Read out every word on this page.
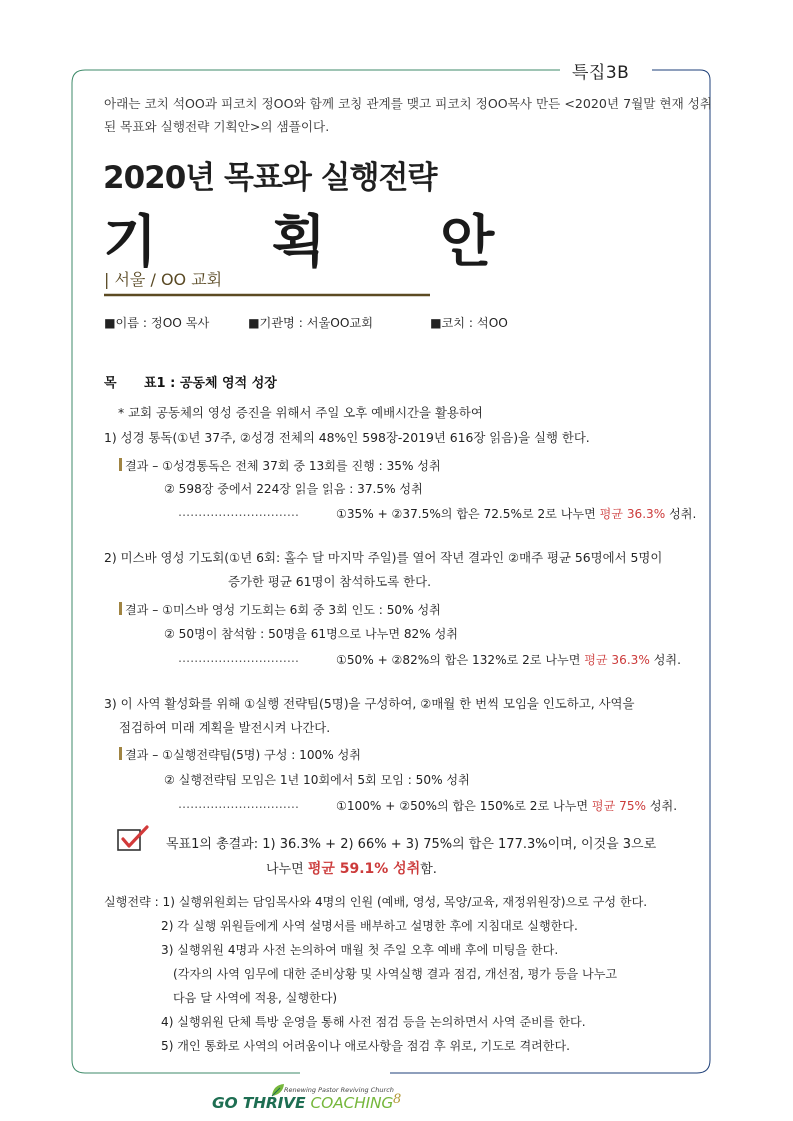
특집3B
아래는 코치 석OO과 피코치 정OO와 함께 코칭 관계를 맺고 피코치 정OO목사 만든 <2020년 7월말 현재 성취된 목표와 실행전략 기획안>의 샘플이다.
2020년 목표와 실행전략
기 획 안
| 서울 / OO 교회
■이름 : 정OO 목사	■기관명 : 서울OO교회	■코치 : 석OO
목 표1 : 공동체 영적 성장
* 교회 공동체의 영성 증진을 위해서 주일 오후 예배시간을 활용하여
1) 성경 통독(①년 37주, ②성경 전체의 48%인 598장-2019년 616장 읽음)을 실행 한다.
결과 – ①성경통독은 전체 37회 중 13회를 진행 : 35% 성취
② 598장 중에서 224장 읽을 읽음 : 37.5% 성취
…………………………	①35% + ②37.5%의 합은 72.5%로 2로 나누면 평균 36.3% 성취.
2) 미스바 영성 기도회(①년 6회: 홀수 달 마지막 주일)를 열어 작년 결과인 ②매주 평균 56명에서 5명이
증가한 평균 61명이 참석하도록 한다.
결과 – ①미스바 영성 기도회는 6회 중 3회 인도 : 50% 성취
② 50명이 참석함 : 50명을 61명으로 나누면 82% 성취
…………………………	①50% + ②82%의 합은 132%로 2로 나누면 평균 36.3% 성취.
3) 이 사역 활성화를 위해 ①실행 전략팀(5명)을 구성하여, ②매월 한 번씩 모임을 인도하고, 사역을
점검하여 미래 계획을 발전시켜 나간다.
결과 – ①실행전략팀(5명) 구성 : 100% 성취
② 실행전략팀 모임은 1년 10회에서 5회 모임 : 50% 성취
…………………………	①100% + ②50%의 합은 150%로 2로 나누면 평균 75% 성취.
목표1의 총결과: 1) 36.3% + 2) 66% + 3) 75%의 합은 177.3%이며, 이것을 3으로
나누면 평균 59.1% 성취함.
실행전략 : 1) 실행위원회는 담임목사와 4명의 인원 (예배, 영성, 목양/교육, 재정위원장)으로 구성 한다.
2) 각 실행 위원들에게 사역 설명서를 배부하고 설명한 후에 지침대로 실행한다.
3) 실행위원 4명과 사전 논의하여 매월 첫 주일 오후 예배 후에 미팅을 한다.
(각자의 사역 임무에 대한 준비상황 및 사역실행 결과 점검, 개선점, 평가 등을 나누고
다음 달 사역에 적용, 실행한다)
4) 실행위원 단체 특방 운영을 통해 사전 점검 등을 논의하면서 사역 준비를 한다.
5) 개인 통화로 사역의 어려움이나 애로사항을 점검 후 위로, 기도로 격려한다.
Renewing Pastor Reviving Church
GO THRIVE COACHING 8
